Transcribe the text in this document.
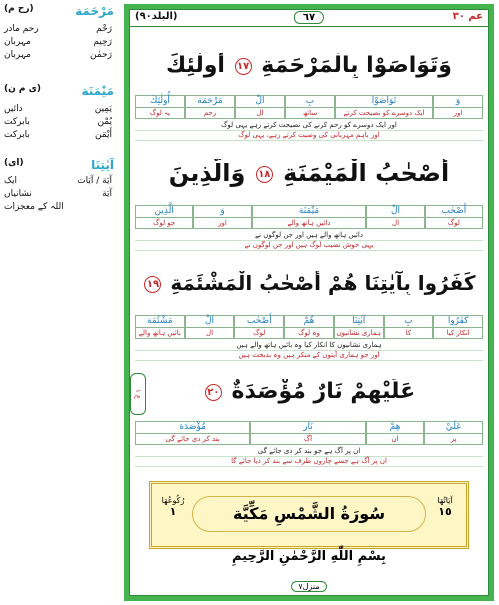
مَرْحَمَة
(رح م)
رَحْم
رحم مادر
رَحِيم
مہربان
رَحمٰن
مہربان
مَيْمَنَة
(ی م ن)
يَمِين
دائیں
يُمْن
بابرکت
أَيْمَن
بابرکت
آيٰتِنَا
(ای)
آيَة / آيَات
ایک
آيَة
نشانیاں
اللہ کے معجزات
عم ٣٠
٦٧
(البلد٩٠)
وَتَوَاصَوْا بِالْمَرْحَمَةِ ١٧ أُولٰئِكَ
وَ
اور
تَوَاصَوْا
ایک دوسرے کو نصیحت کرتے
بِ
ساتھ
الْ
ال
مَرْحَمَة
رحم
أُولٰئِكَ
یہ لوگ
اور ایک دوسرے کو رحم کرنے کی نصیحت کرتے رہے یہی لوگ
اور باہم مہربانی کی وصیت کرتے رہے، یہی لوگ
أَصْحٰبُ الْمَيْمَنَةِ ١٨ وَالَّذِينَ
أَصْحٰب
لوگ
الْ
ال
مَيْمَنَة
دائیں ہاتھ والے
وَ
اور
الَّذِين
جو لوگ
دائیں ہاتھ والے ہیں اور جن لوگوں نے
یہی خوش نصیب لوگ ہیں اور جن لوگوں نے
كَفَرُوا بِآيٰتِنَا هُمْ أَصْحٰبُ الْمَشْئَمَةِ ١٩
كَفَرُوا
انکار کیا
بِ
کا
آيٰتِنَا
ہماری نشانیوں
هُمْ
وہ لوگ
أَصْحٰب
لوگ
الْ
ال
مَشْئَمَة
بائیں ہاتھ والے
ہماری نشانیوں کا انکار کیا وہ بائیں ہاتھ والے ہیں
اور جو ہماری آیتوں کے منکر ہیں وہ بدبخت ہیں
ع ١	عَلَيْهِمْ نَارٌ مُؤْصَدَةٌ ٢٠
عَلَيْ
پر
هِمْ
ان
نَار
آگ
مُؤْصَدَة
بند کر دی جائے گی
ان پر آگ ہے جو بند کر دی جائے گی
ان پر آگ ہے جسے چاروں طرف سے بند کر دیا جائے گا
آيَاتُهَا
١٥
سُورَةُ الشَّمْسِ مَكِّيَّة
رُكُوعُهَا
١
بِسْمِ اللّٰهِ الرَّحْمٰنِ الرَّحِيمِ
منزل٧
